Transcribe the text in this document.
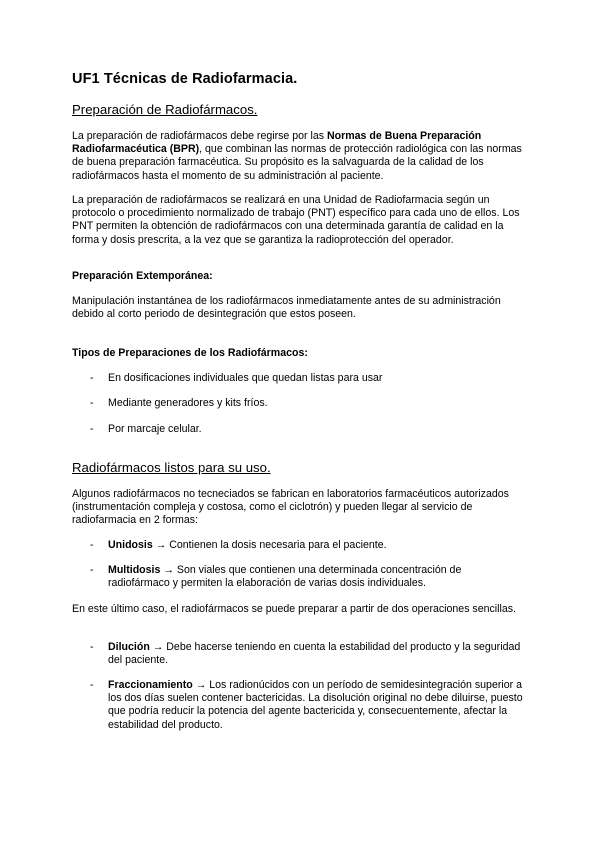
UF1 Técnicas de Radiofarmacia.
Preparación de Radiofármacos.
La preparación de radiofármacos debe regirse por las Normas de Buena Preparación Radiofarmacéutica (BPR), que combinan las normas de protección radiológica con las normas de buena preparación farmacéutica. Su propósito es la salvaguarda de la calidad de los radiofármacos hasta el momento de su administración al paciente.
La preparación de radiofármacos se realizará en una Unidad de Radiofarmacia según un protocolo o procedimiento normalizado de trabajo (PNT) específico para cada uno de ellos. Los PNT permiten la obtención de radiofármacos con una determinada garantía de calidad en la forma y dosis prescrita, a la vez que se garantiza la radioprotección del operador.
Preparación Extemporánea:
Manipulación instantánea de los radiofármacos inmediatamente antes de su administración debido al corto periodo de desintegración que estos poseen.
Tipos de Preparaciones de los Radiofármacos:
- En dosificaciones individuales que quedan listas para usar
- Mediante generadores y kits fríos.
- Por marcaje celular.
Radiofármacos listos para su uso.
Algunos radiofármacos no tecneciados se fabrican en laboratorios farmacéuticos autorizados (instrumentación compleja y costosa, como el ciclotrón) y pueden llegar al servicio de radiofarmacia en 2 formas:
- Unidosis → Contienen la dosis necesaria para el paciente.
- Multidosis → Son viales que contienen una determinada concentración de radiofármaco y permiten la elaboración de varias dosis individuales.
En este último caso, el radiofármacos se puede preparar a partir de dos operaciones sencillas.
- Dilución → Debe hacerse teniendo en cuenta la estabilidad del producto y la seguridad del paciente.
- Fraccionamiento → Los radionúcidos con un período de semidesintegración superior a los dos días suelen contener bactericidas. La disolución original no debe diluirse, puesto que podría reducir la potencia del agente bactericida y, consecuentemente, afectar la estabilidad del producto.
